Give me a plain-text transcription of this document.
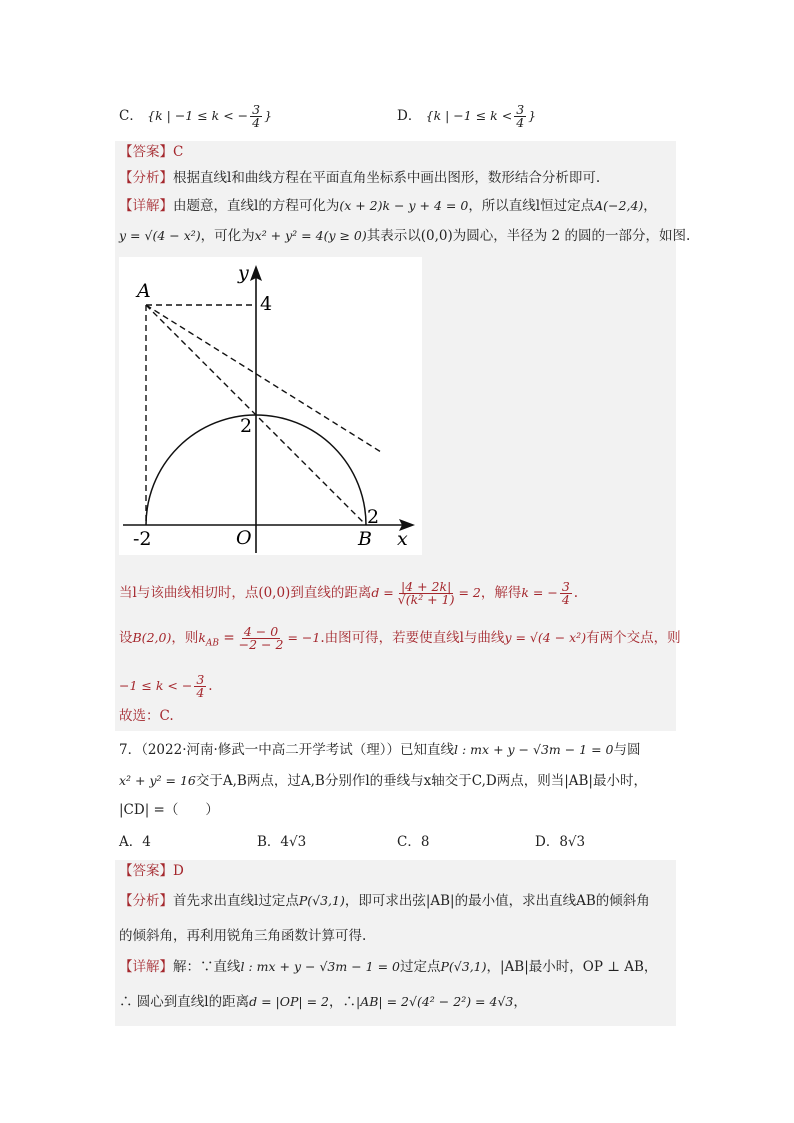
C． {k | −1 ≤ k < − $\frac{3}{4}$ }	D． {k | $-1 \le k < \frac{3}{4}$ }
【答案】C
【分析】根据直线l和曲线方程在平面直角坐标系中画出图形，数形结合分析即可.
【详解】由题意，直线l的方程可化为(x + 2)k − y + 4 = 0，所以直线l恒过定点A(−2,4)，
y = √(4 − x²)，可化为x² + y² = 4(y ≥ 0)其表示以(0,0)为圆心，半径为 2 的圆的一部分，如图.
y
x
A
B
O
4
2
2
-2
当l与该曲线相切时，点(0,0)到直线的距离$d = \frac{|4 + 2k|}{\text{√(k² + 1)}} = 2$，解得k = − $\frac{3}{4}$ .
设B(2,0)，则$k_{AB} = \frac{4 - 0}{-2 - 2} = -1$.由图可得，若要使直线l与曲线y = √(4 − x²)有两个交点，则
−1 ≤ k < − $\frac{3}{4}$ .
故选：C.
7．（2022·河南·修武一中高二开学考试（理））已知直线l : mx + y − √3m − 1 = 0与圆
x² + y² = 16交于A,B两点，过A,B分别作l的垂线与x轴交于C,D两点，则当|AB|最小时，
|CD| =（　　）
A．4	B．4√3	C．8	D．8√3
【答案】D
【分析】首先求出直线l过定点P(√3,1)，即可求出弦|AB|的最小值，求出直线AB的倾斜角
的倾斜角，再利用锐角三角函数计算可得.
【详解】解：∵直线l : mx + y − √3m − 1 = 0过定点P(√3,1)，|AB|最小时，OP ⊥ AB，
∴ 圆心到直线l的距离d = |OP| = 2，∴|AB| = 2√(4² − 2²) = 4√3，
